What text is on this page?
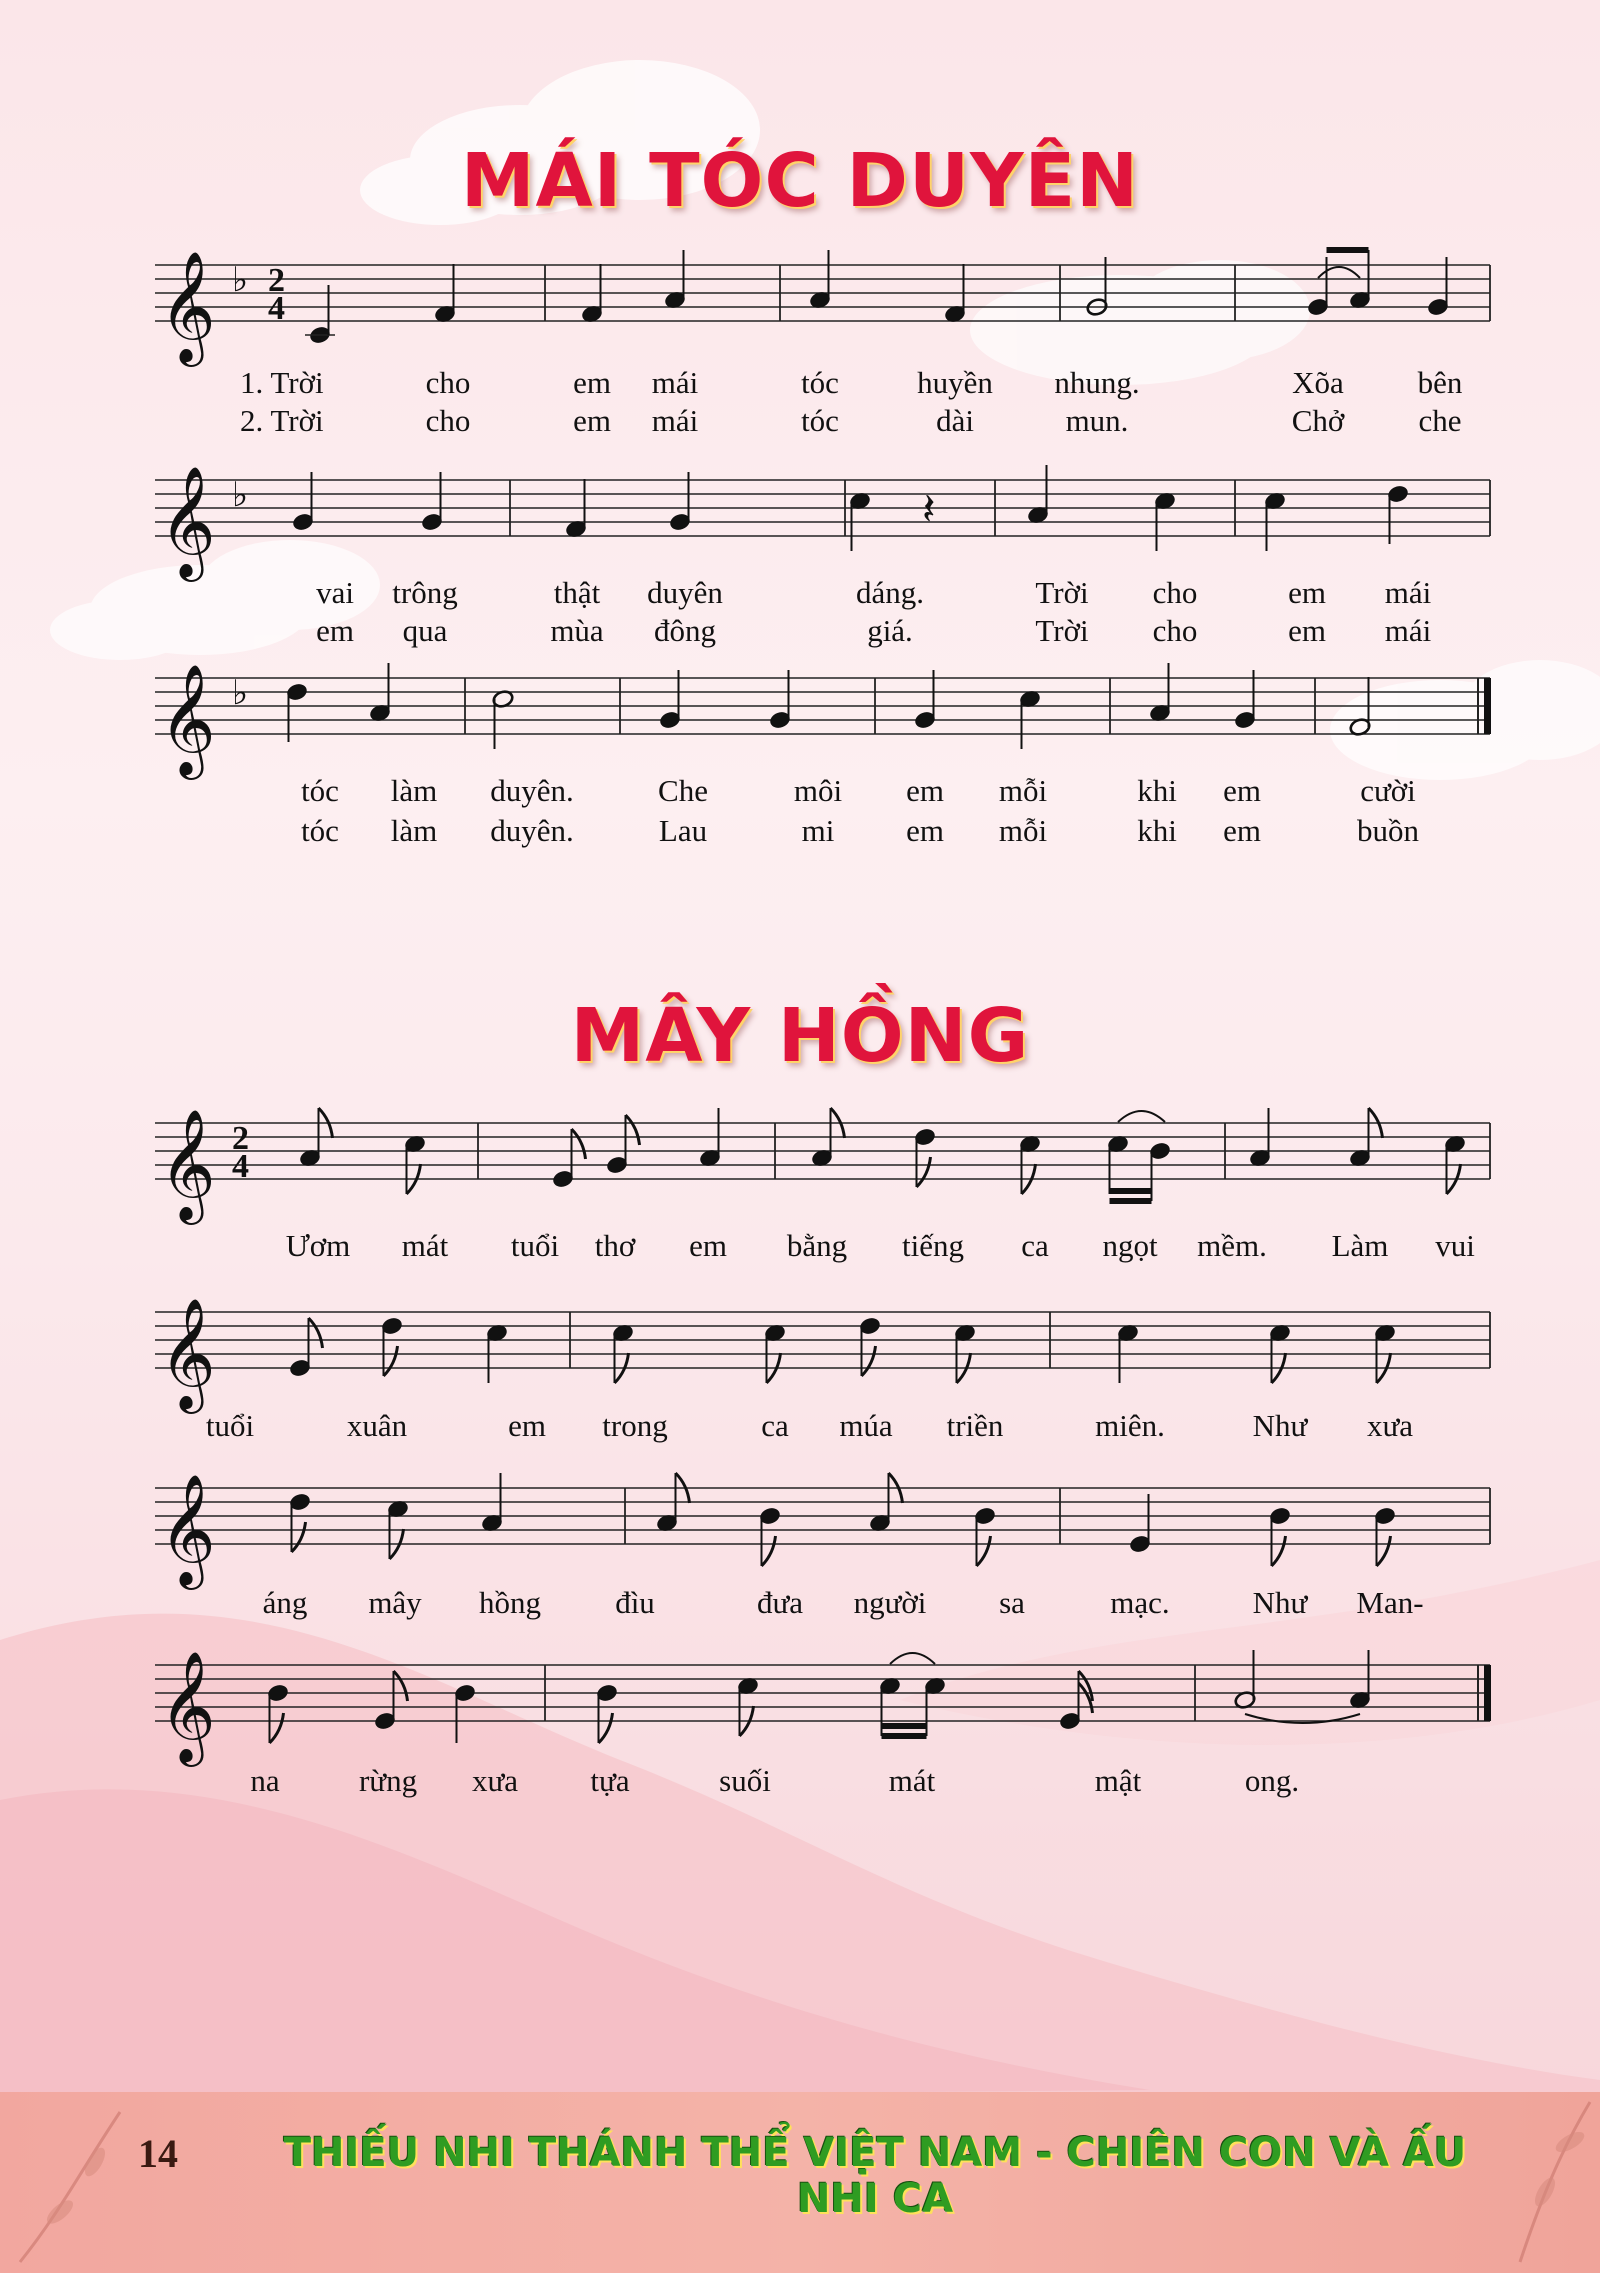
MÁI TÓC DUYÊN
MÂY HỒNG
𝄞 ♭ 2
4
𝄞 ♭	𝄽
𝄞 ♭
𝄞 2
4
𝄞
𝄞
𝄞
1. Trời
2. Trời
cho	em mái	tóc	huyền nhung.	Xõa bên
cho	em mái	tóc	dài	mun.	Chở che
vai trông	thật duyên	dáng.	Trời cho	em mái
em qua	mùa đông	giá.	Trời cho	em mái
tóc làm duyên.	Che	môi em mỗi	khi em	cười
tóc làm duyên.	Lau	mi em mỗi	khi em	buồn
Ươm mát tuổi thơ em bằng tiếng ca ngọt mềm. Làm vui
tuổi	xuân	em trong	ca múa triền	miên.	Như xưa
áng mây hồng đìu	đưa người sa	mạc.	Như Man-
na	rừng xưa tựa	suối	mát	mật	ong.
14	THIẾU NHI THÁNH THỂ VIỆT NAM - CHIÊN CON VÀ ẤU NHI CA
